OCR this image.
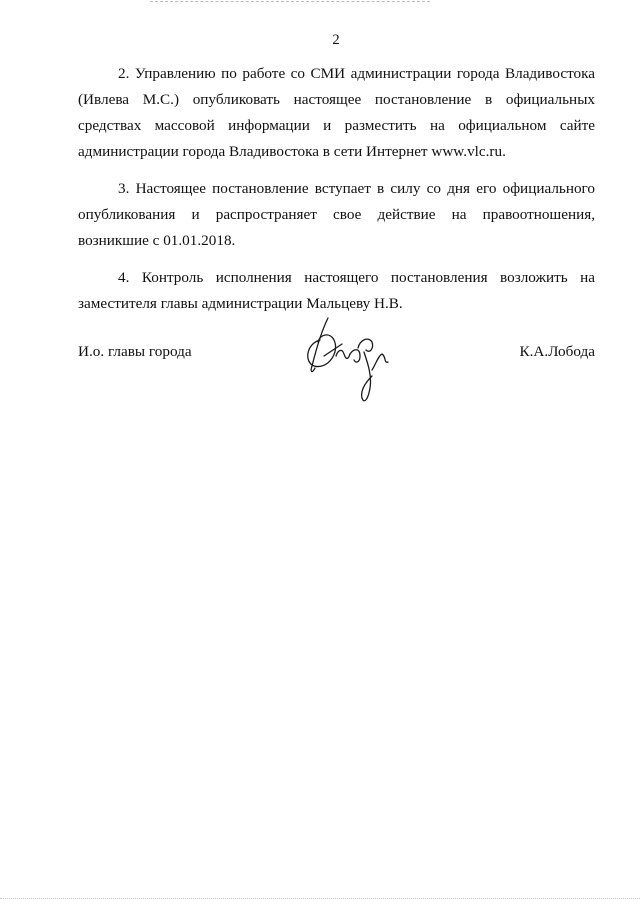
2

2. Управлению по работе со СМИ администрации города Владивостока (Ивлева М.С.) опубликовать настоящее постановление в официальных средствах массовой информации и разместить на официальном сайте администрации города Владивостока в сети Интернет www.vlc.ru.

3. Настоящее постановление вступает в силу со дня его официального опубликования и распространяет свое действие на правоотношения, возникшие с 01.01.2018.

4. Контроль исполнения настоящего постановления возложить на заместителя главы администрации Мальцеву Н.В.

И.о. главы города	К.А.Лобода
